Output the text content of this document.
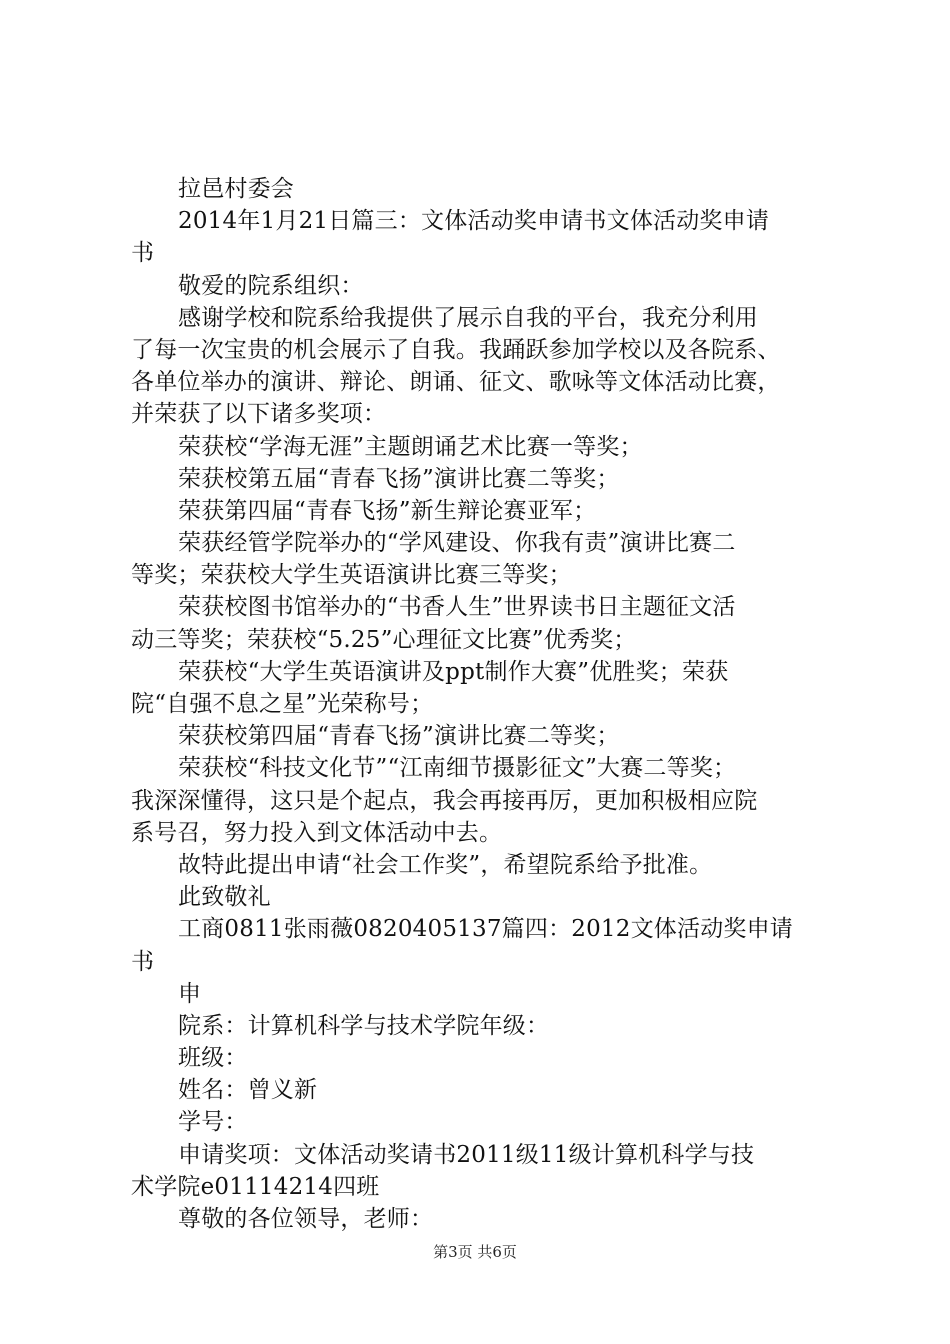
拉邑村委会
2014年1月21日篇三：文体活动奖申请书文体活动奖申请
书
敬爱的院系组织：
感谢学校和院系给我提供了展示自我的平台，我充分利用
了每一次宝贵的机会展示了自我。我踊跃参加学校以及各院系、
各单位举办的演讲、辩论、朗诵、征文、歌咏等文体活动比赛，
并荣获了以下诸多奖项：
荣获校“学海无涯”主题朗诵艺术比赛一等奖；
荣获校第五届“青春飞扬”演讲比赛二等奖；
荣获第四届“青春飞扬”新生辩论赛亚军；
荣获经管学院举办的“学风建设、你我有责”演讲比赛二
等奖；荣获校大学生英语演讲比赛三等奖；
荣获校图书馆举办的“书香人生”世界读书日主题征文活
动三等奖；荣获校“5.25”心理征文比赛”优秀奖；
荣获校“大学生英语演讲及ppt制作大赛”优胜奖；荣获
院“自强不息之星”光荣称号；
荣获校第四届“青春飞扬”演讲比赛二等奖；
荣获校“科技文化节”“江南细节摄影征文”大赛二等奖；
我深深懂得，这只是个起点，我会再接再厉，更加积极相应院
系号召，努力投入到文体活动中去。
故特此提出申请“社会工作奖”，希望院系给予批准。
此致敬礼
工商0811张雨薇0820405137篇四：2012文体活动奖申请
书
申
院系：计算机科学与技术学院年级：
班级：
姓名：曾义新
学号：
申请奖项：文体活动奖请书2011级11级计算机科学与技
术学院e01114214四班
尊敬的各位领导，老师：
第3页 共6页
